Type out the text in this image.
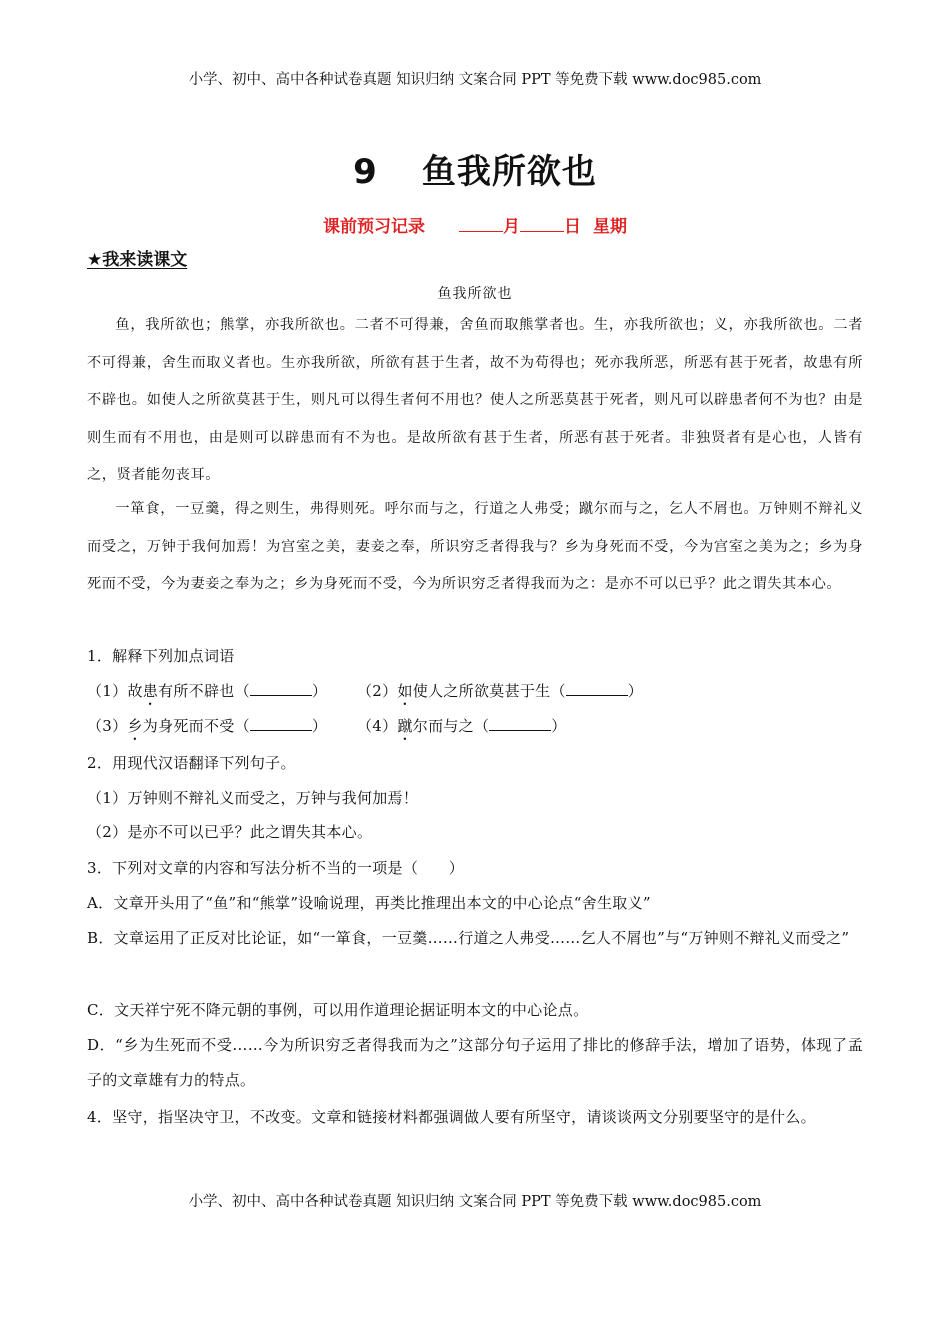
小学、初中、高中各种试卷真题 知识归纳 文案合同 PPT 等免费下载 www.doc985.com
9 鱼我所欲也
课前预习记录	月	日 星期
★我来读课文
鱼我所欲也

鱼，我所欲也；熊掌，亦我所欲也。二者不可得兼，舍鱼而取熊掌者也。生，亦我所欲也；义，亦我所欲也。二者不可得兼，舍生而取义者也。生亦我所欲，所欲有甚于生者，故不为苟得也；死亦我所恶，所恶有甚于死者，故患有所不辟也。如使人之所欲莫甚于生，则凡可以得生者何不用也？使人之所恶莫甚于死者，则凡可以辟患者何不为也？由是则生而有不用也，由是则可以辟患而有不为也。是故所欲有甚于生者，所恶有甚于死者。非独贤者有是心也，人皆有之，贤者能勿丧耳。

一箪食，一豆羹，得之则生，弗得则死。呼尔而与之，行道之人弗受；蹴尔而与之，乞人不屑也。万钟则不辩礼义而受之，万钟于我何加焉！为宫室之美，妻妾之奉，所识穷乏者得我与？乡为身死而不受，今为宫室之美为之；乡为身死而不受，今为妻妾之奉为之；乡为身死而不受，今为所识穷乏者得我而为之：是亦不可以已乎？此之谓失其本心。

1．解释下列加点词语

（1）故患有所不辟也（	） （2）如使人之所欲莫甚于生（	）
（3）乡为身死而不受（	） （4）蹴尔而与之（	）

2．用现代汉语翻译下列句子。

（1）万钟则不辩礼义而受之，万钟与我何加焉！

（2）是亦不可以已乎？此之谓失其本心。

3．下列对文章的内容和写法分析不当的一项是（　　）

A．文章开头用了“鱼”和“熊掌”设喻说理，再类比推理出本文的中心论点“舍生取义”

B．文章运用了正反对比论证，如“一箪食，一豆羹……行道之人弗受……乞人不屑也”与“万钟则不辩礼义而受之”

C．文天祥宁死不降元朝的事例，可以用作道理论据证明本文的中心论点。

D．“乡为生死而不受……今为所识穷乏者得我而为之”这部分句子运用了排比的修辞手法，增加了语势，体现了孟子的文章雄有力的特点。

4．坚守，指坚决守卫，不改变。文章和链接材料都强调做人要有所坚守，请谈谈两文分别要坚守的是什么。

小学、初中、高中各种试卷真题 知识归纳 文案合同 PPT 等免费下载 www.doc985.com
